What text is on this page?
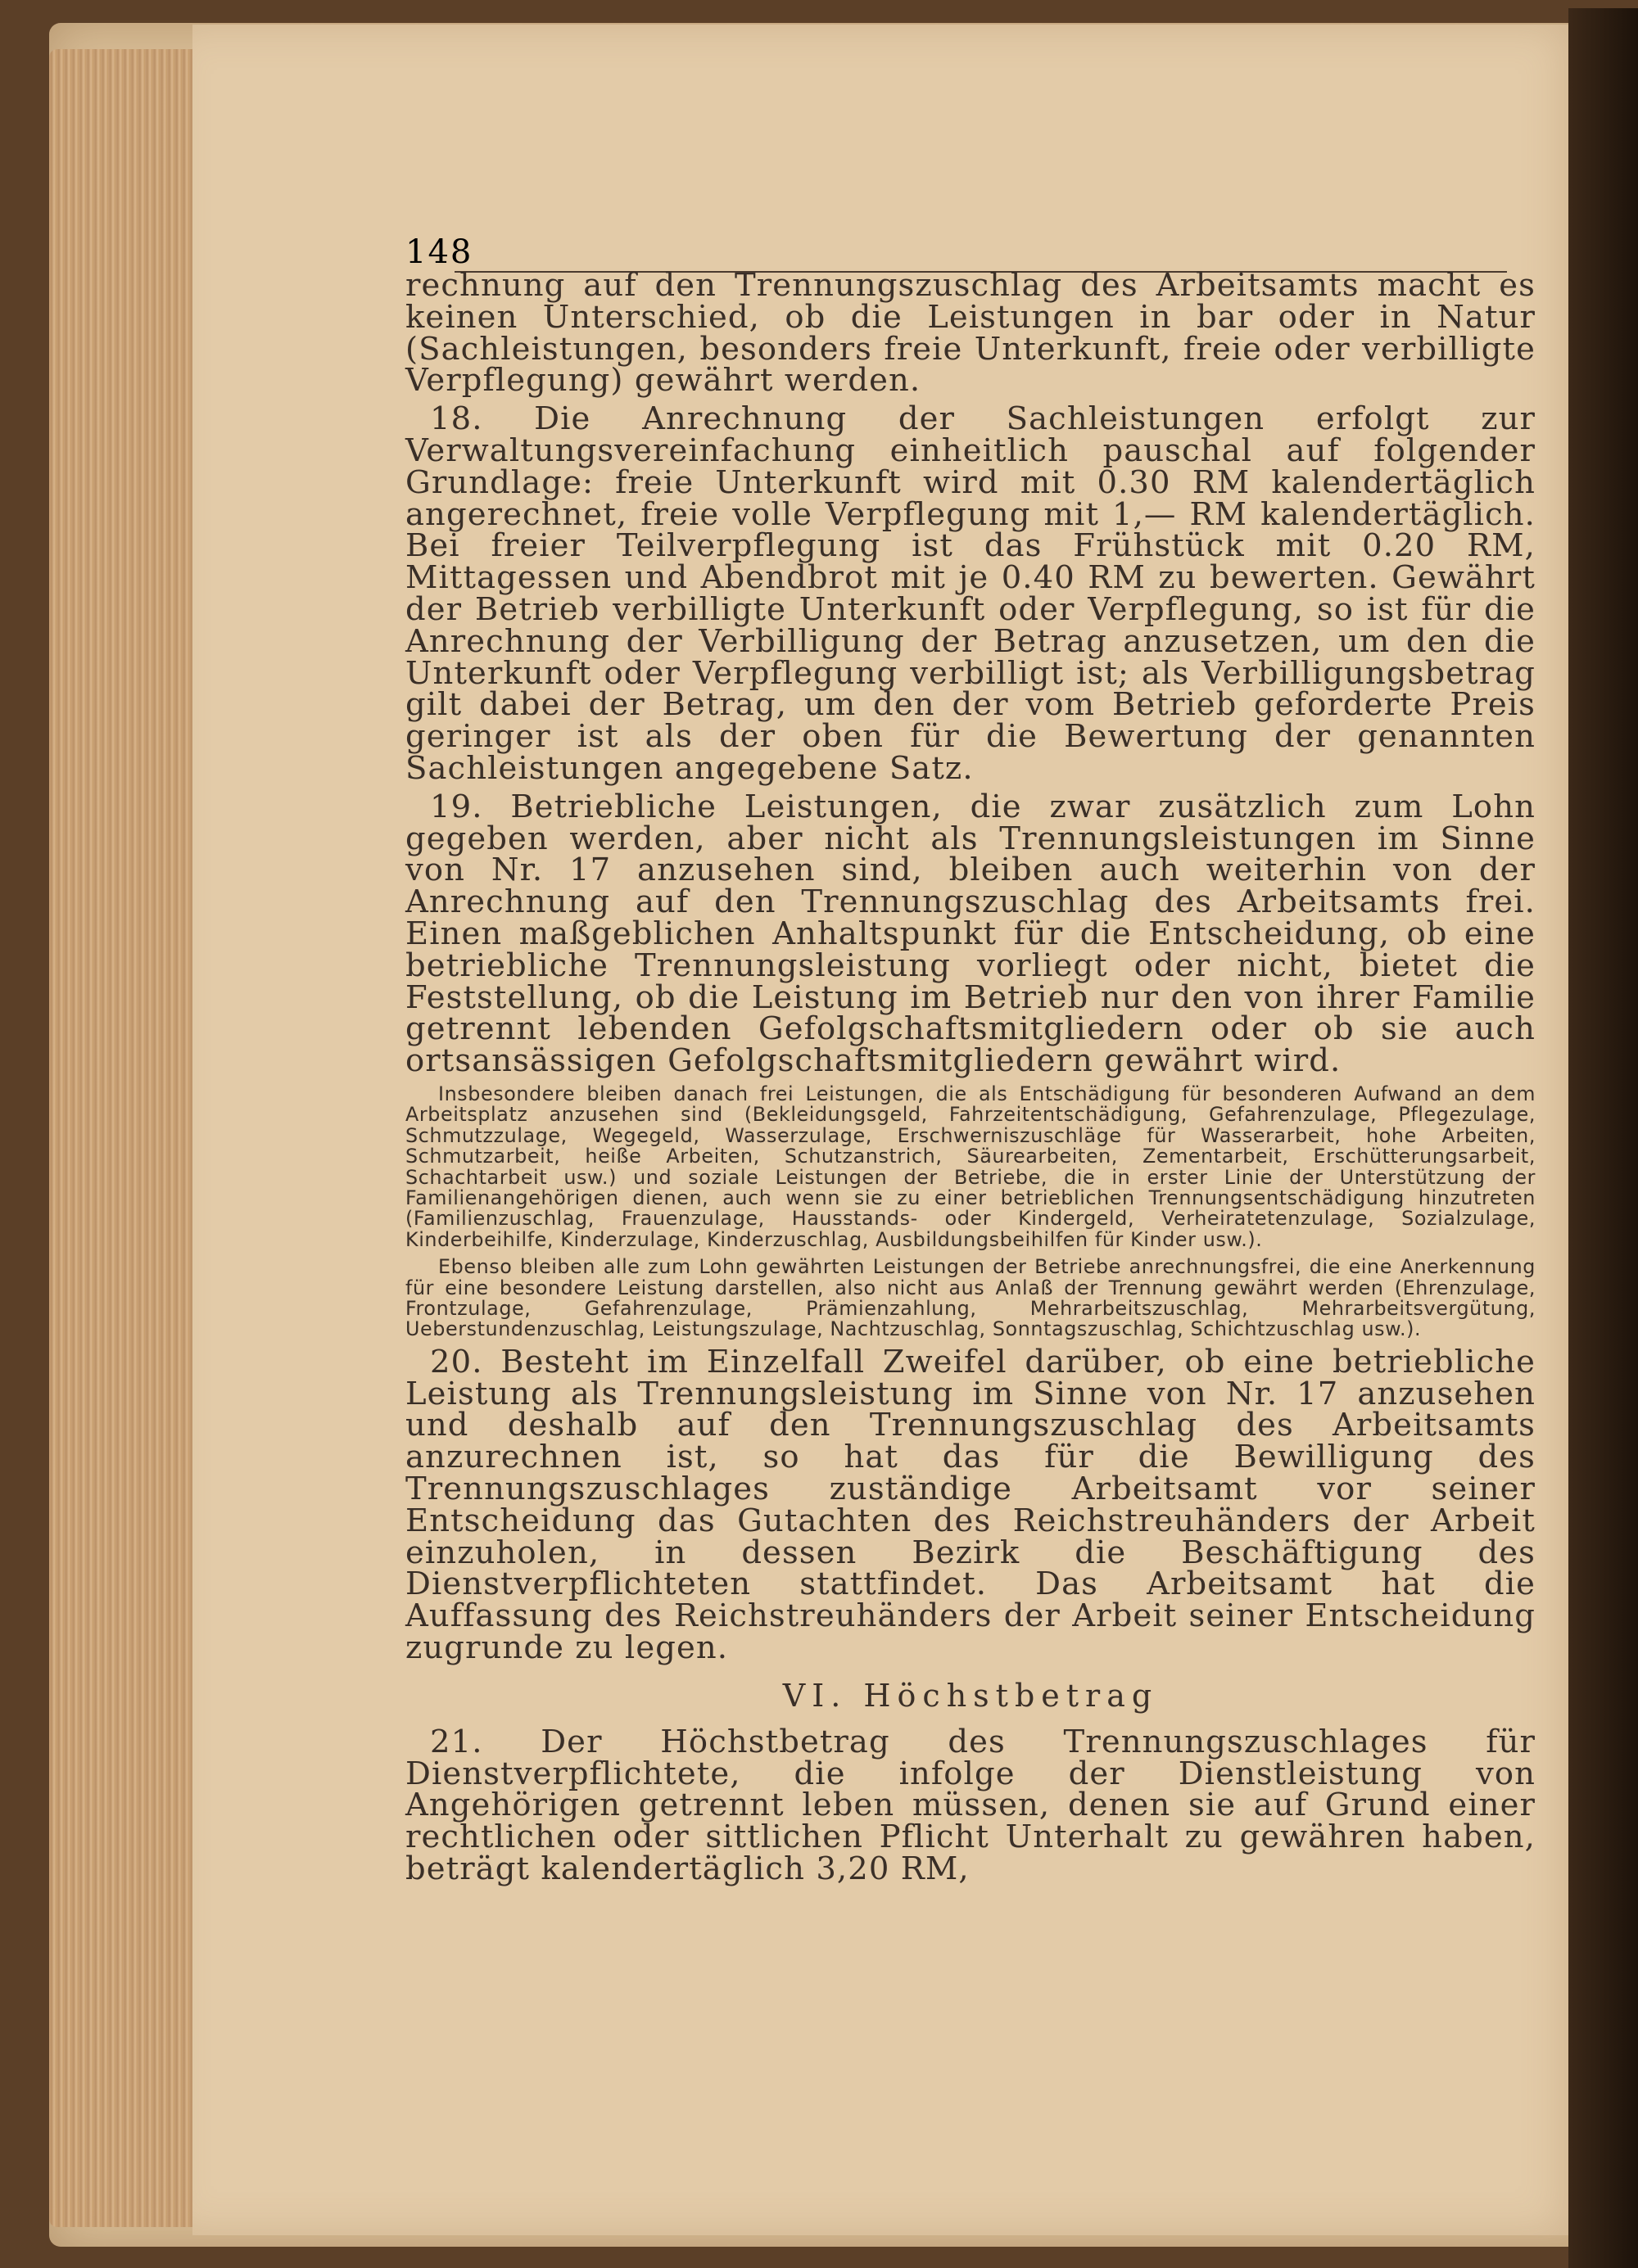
148

rechnung auf den Trennungszuschlag des Arbeitsamts macht es keinen Unterschied, ob die Leistungen in bar oder in Natur (Sachleistungen, besonders freie Unterkunft, freie oder verbilligte Verpflegung) gewährt werden.

18. Die Anrechnung der Sachleistungen erfolgt zur Verwaltungsvereinfachung einheitlich pauschal auf folgender Grundlage: freie Unterkunft wird mit 0.30 RM kalendertäglich angerechnet, freie volle Verpflegung mit 1,— RM kalendertäglich. Bei freier Teilverpflegung ist das Frühstück mit 0.20 RM, Mittagessen und Abendbrot mit je 0.40 RM zu bewerten. Gewährt der Betrieb verbilligte Unterkunft oder Verpflegung, so ist für die Anrechnung der Verbilligung der Betrag anzusetzen, um den die Unterkunft oder Verpflegung verbilligt ist; als Verbilligungsbetrag gilt dabei der Betrag, um den der vom Betrieb geforderte Preis geringer ist als der oben für die Bewertung der genannten Sachleistungen angegebene Satz.

19. Betriebliche Leistungen, die zwar zusätzlich zum Lohn gegeben werden, aber nicht als Trennungsleistungen im Sinne von Nr. 17 anzusehen sind, bleiben auch weiterhin von der Anrechnung auf den Trennungszuschlag des Arbeitsamts frei. Einen maßgeblichen Anhaltspunkt für die Entscheidung, ob eine betriebliche Trennungsleistung vorliegt oder nicht, bietet die Feststellung, ob die Leistung im Betrieb nur den von ihrer Familie getrennt lebenden Gefolgschaftsmitgliedern oder ob sie auch ortsansässigen Gefolgschaftsmitgliedern gewährt wird.

Insbesondere bleiben danach frei Leistungen, die als Entschädigung für besonderen Aufwand an dem Arbeitsplatz anzusehen sind (Bekleidungsgeld, Fahrzeitentschädigung, Gefahrenzulage, Pflegezulage, Schmutzzulage, Wegegeld, Wasserzulage, Erschwerniszuschläge für Wasserarbeit, hohe Arbeiten, Schmutzarbeit, heiße Arbeiten, Schutzanstrich, Säurearbeiten, Zementarbeit, Erschütterungsarbeit, Schachtarbeit usw.) und soziale Leistungen der Betriebe, die in erster Linie der Unterstützung der Familienangehörigen dienen, auch wenn sie zu einer betrieblichen Trennungsentschädigung hinzutreten (Familienzuschlag, Frauenzulage, Hausstands- oder Kindergeld, Verheiratetenzulage, Sozialzulage, Kinderbeihilfe, Kinderzulage, Kinderzuschlag, Ausbildungsbeihilfen für Kinder usw.).

Ebenso bleiben alle zum Lohn gewährten Leistungen der Betriebe anrechnungsfrei, die eine Anerkennung für eine besondere Leistung darstellen, also nicht aus Anlaß der Trennung gewährt werden (Ehrenzulage, Frontzulage, Gefahrenzulage, Prämienzahlung, Mehrarbeitszuschlag, Mehrarbeitsvergütung, Ueberstundenzuschlag, Leistungszulage, Nachtzuschlag, Sonntagszuschlag, Schichtzuschlag usw.).

20. Besteht im Einzelfall Zweifel darüber, ob eine betriebliche Leistung als Trennungsleistung im Sinne von Nr. 17 anzusehen und deshalb auf den Trennungszuschlag des Arbeitsamts anzurechnen ist, so hat das für die Bewilligung des Trennungszuschlages zuständige Arbeitsamt vor seiner Entscheidung das Gutachten des Reichstreuhänders der Arbeit einzuholen, in dessen Bezirk die Beschäftigung des Dienstverpflichteten stattfindet. Das Arbeitsamt hat die Auffassung des Reichstreuhänders der Arbeit seiner Entscheidung zugrunde zu legen.

VI. Höchstbetrag

21. Der Höchstbetrag des Trennungszuschlages für Dienstverpflichtete, die infolge der Dienstleistung von Angehörigen getrennt leben müssen, denen sie auf Grund einer rechtlichen oder sittlichen Pflicht Unterhalt zu gewähren haben, beträgt kalendertäglich 3,20 RM,
